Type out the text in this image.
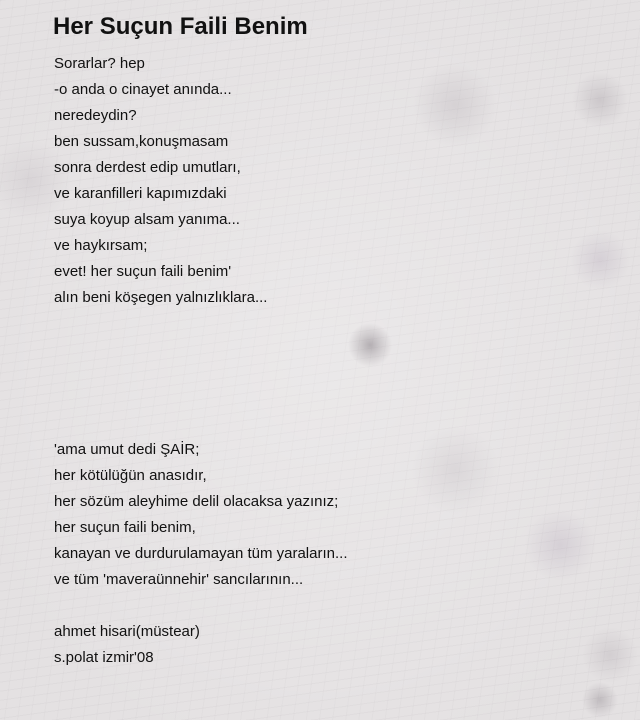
Her Suçun Faili Benim
Sorarlar? hep
-o anda o cinayet anında...
neredeydin?
ben sussam,konuşmasam
sonra derdest edip umutları,
ve karanfilleri kapımızdaki
suya koyup alsam yanıma...
ve haykırsam;
evet! her suçun faili benim'
alın beni köşegen yalnızlıklara...
'ama umut dedi ŞAİR;
her kötülüğün anasıdır,
her sözüm aleyhime delil olacaksa yazınız;
her suçun faili benim,
kanayan ve durdurulamayan tüm yaraların...
ve tüm 'maveraünnehir' sancılarının...
ahmet hisari(müstear)
s.polat izmir'08
